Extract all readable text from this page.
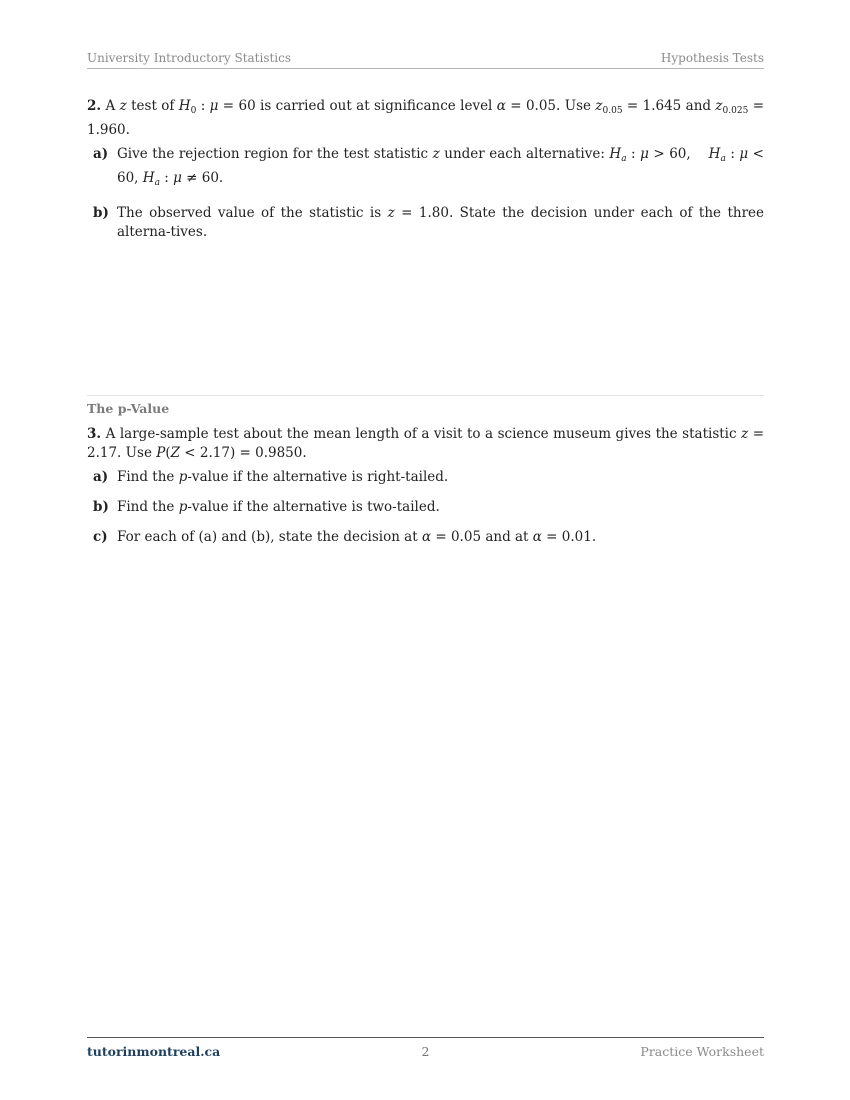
University Introductory Statistics	Hypothesis Tests

2. A z test of $H_0$ : μ = 60 is carried out at significance level α = 0.05. Use $z_{0.05} = 1.645$ and $z_{0.025} = 1.960$.

a) Give the rejection region for the test statistic z under each alternative: $H_a$ : μ > 60, $H_a$ : μ < 60, $H_a$ : μ ≠ 60.
b) The observed value of the statistic is z = 1.80. State the decision under each of the three alterna-tives.
The p-Value

3. A large-sample test about the mean length of a visit to a science museum gives the statistic z = 2.17. Use P(Z < 2.17) = 0.9850.

a) Find the p-value if the alternative is right-tailed.
b) Find the p-value if the alternative is two-tailed.
c) For each of (a) and (b), state the decision at α = 0.05 and at α = 0.01.
tutorinmontreal.ca	2	Practice Worksheet
